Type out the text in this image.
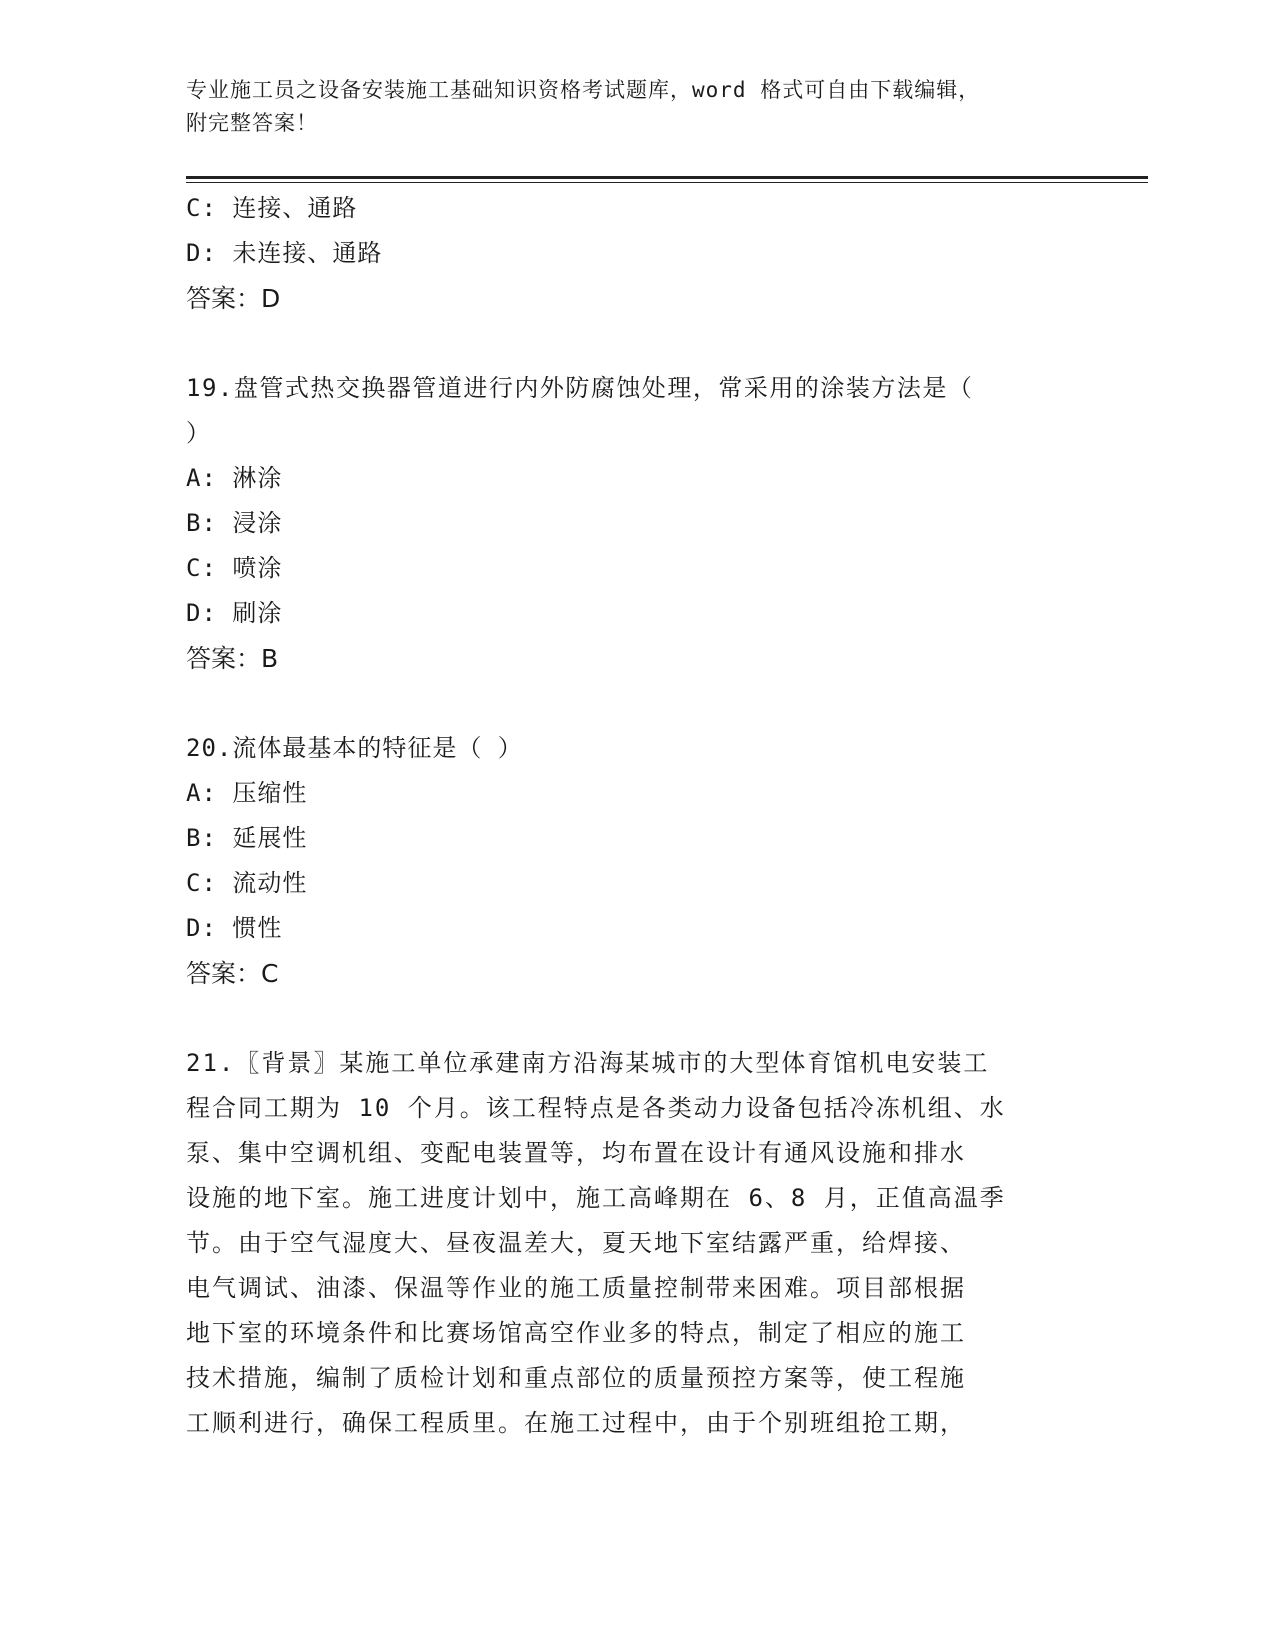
专业施工员之设备安装施工基础知识资格考试题库，word 格式可自由下载编辑，
附完整答案！
C: 连接、通路
D: 未连接、通路
答案：D
19.盘管式热交换器管道进行内外防腐蚀处理，常采用的涂装方法是（
）
A: 淋涂
B: 浸涂
C: 喷涂
D: 刷涂
答案：B
20.流体最基本的特征是（ ）
A: 压缩性
B: 延展性
C: 流动性
D: 惯性
答案：C
21.〖背景〗某施工单位承建南方沿海某城市的大型体育馆机电安装工
程合同工期为 10 个月。该工程特点是各类动力设备包括冷冻机组、水
泵、集中空调机组、变配电装置等，均布置在设计有通风设施和排水
设施的地下室。施工进度计划中，施工高峰期在 6、8 月，正值高温季
节。由于空气湿度大、昼夜温差大，夏天地下室结露严重，给焊接、
电气调试、油漆、保温等作业的施工质量控制带来困难。项目部根据
地下室的环境条件和比赛场馆高空作业多的特点，制定了相应的施工
技术措施，编制了质检计划和重点部位的质量预控方案等，使工程施
工顺利进行，确保工程质里。在施工过程中，由于个别班组抢工期，
